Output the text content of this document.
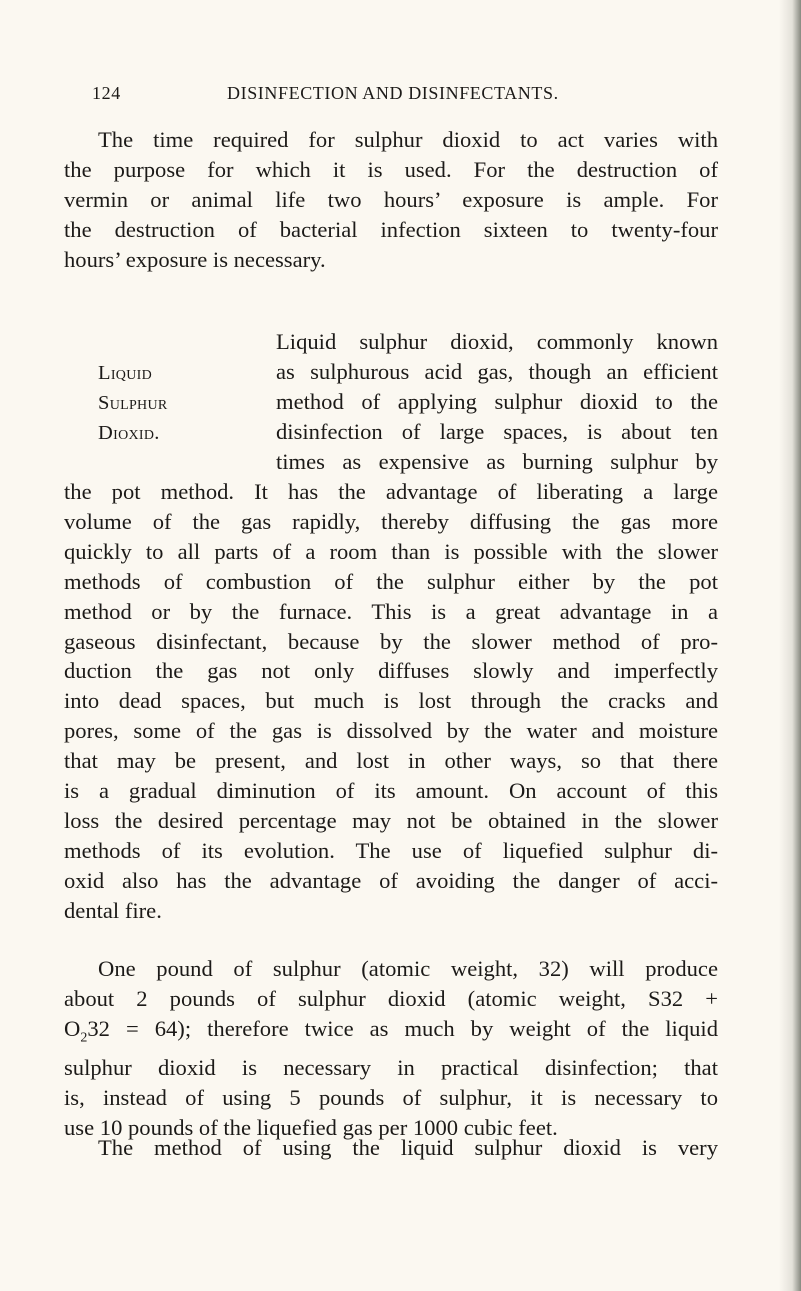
124	DISINFECTION AND DISINFECTANTS.
The time required for sulphur dioxid to act varies with
the purpose for which it is used. For the destruction of
vermin or animal life two hours’ exposure is ample. For
the destruction of bacterial infection sixteen to twenty-four
hours’ exposure is necessary.
Liquid
Sulphur
Dioxid.
Liquid sulphur dioxid, commonly known
as sulphurous acid gas, though an efficient
method of applying sulphur dioxid to the
disinfection of large spaces, is about ten
times as expensive as burning sulphur by
the pot method. It has the advantage of liberating a large
volume of the gas rapidly, thereby diffusing the gas more
quickly to all parts of a room than is possible with the slower
methods of combustion of the sulphur either by the pot
method or by the furnace. This is a great advantage in a
gaseous disinfectant, because by the slower method of pro-
duction the gas not only diffuses slowly and imperfectly
into dead spaces, but much is lost through the cracks and
pores, some of the gas is dissolved by the water and moisture
that may be present, and lost in other ways, so that there
is a gradual diminution of its amount. On account of this
loss the desired percentage may not be obtained in the slower
methods of its evolution. The use of liquefied sulphur di-
oxid also has the advantage of avoiding the danger of acci-
dental fire.
One pound of sulphur (atomic weight, 32) will produce
about 2 pounds of sulphur dioxid (atomic weight, S32 +
$O_232 = 64$); therefore twice as much by weight of the liquid
sulphur dioxid is necessary in practical disinfection; that
is, instead of using 5 pounds of sulphur, it is necessary to
use 10 pounds of the liquefied gas per 1000 cubic feet.
The method of using the liquid sulphur dioxid is very
